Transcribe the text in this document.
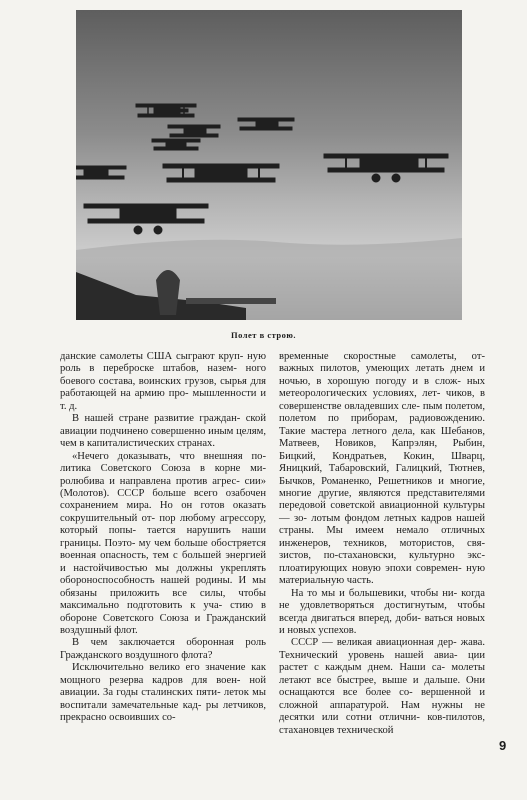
Полет в строю.

данские самолеты США сыграют круп- ную роль в переброске штабов, назем- ного боевого состава, воинских грузов, сырья для работающей на армию про- мышленности и т. д.

В нашей стране развитие граждан- ской авиации подчинено совершенно иным целям, чем в капиталистических странах.

«Нечего доказывать, что внешняя по- литика Советского Союза в корне ми- ролюбива и направлена против агрес- сии» (Молотов). СССР больше всего озабочен сохранением мира. Но он готов оказать сокрушительный от- пор любому агрессору, который попы- тается нарушить наши границы. Поэто- му чем больше обостряется военная опасность, тем с большей энергией и настойчивостью мы должны укреплять обороноспособность нашей родины. И мы обязаны приложить все силы, чтобы максимально подготовить к уча- стию в обороне Советского Союза и Гражданский воздушный флот.

В чем заключается оборонная роль Гражданского воздушного флота?

Исключительно велико его значение как мощного резерва кадров для воен- ной авиации. За годы сталинских пяти- леток мы воспитали замечательные кад- ры летчиков, прекрасно освоивших со-

временные скоростные самолеты, от- важных пилотов, умеющих летать днем и ночью, в хорошую погоду и в слож- ных метеорологических условиях, лет- чиков, в совершенстве овладевших сле- пым полетом, полетом по приборам, радиовождению. Такие мастера летного дела, как Шебанов, Матвеев, Новиков, Капрэлян, Рыбин, Бицкий, Кондратьев, Кокин, Шварц, Яницкий, Табаровский, Галицкий, Тютнев, Бычков, Романенко, Решетников и многие, многие другие, являются представителями передовой советской авиационной культуры — зо- лотым фондом летных кадров нашей страны. Мы имеем немало отличных инженеров, техников, мотористов, свя- зистов, по-стахановски, культурно экс- плоатирующих новую эпохи совремeн- ную материальную часть.

На то мы и большевики, чтобы ни- когда не удовлетворяться достигнутым, чтобы всегда двигаться вперед, доби- ваться новых и новых успехов.

СССР — великая авиационная дер- жава. Технический уровень нашей авиа- ции растет с каждым днем. Наши са- молеты летают все быстрее, выше и дальше. Они оснащаются все более со- вершенной и сложной аппаратурой. Нам нужны не десятки или сотни отлични- ков-пилотов, стахановцев технической

9
